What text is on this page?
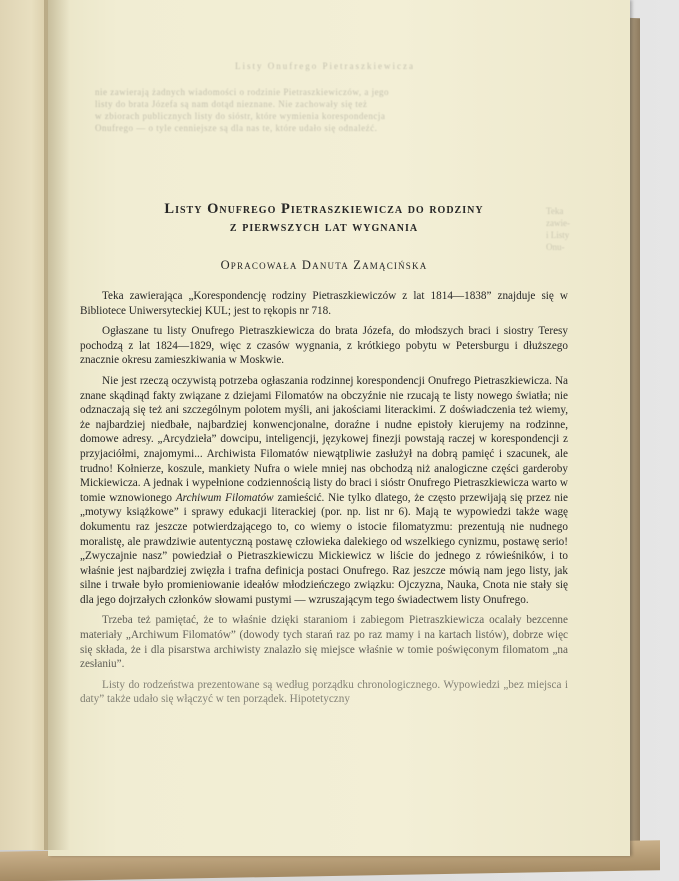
Listy Onufrego Pietraszkiewicza
nie zawierają żadnych wiadomości o rodzinie Pietraszkiewiczów, a jego
listy do brata Józefa są nam dotąd nieznane. Nie zachowały się też
w zbiorach publicznych listy do sióstr, które wymienia korespondencja
Onufrego — o tyle cenniejsze są dla nas te, które udało się odnaleźć.
Teka
zawie-
i Listy
Onu-
Listy Onufrego Pietraszkiewicza do rodziny
z pierwszych lat wygnania
Opracowała Danuta Zamącińska

Teka zawierająca „Korespondencję rodziny Pietraszkiewiczów z lat 1814—1838” znajduje się w Bibliotece Uniwersyteckiej KUL; jest to rękopis nr 718.

Ogłaszane tu listy Onufrego Pietraszkiewicza do brata Józefa, do młodszych braci i siostry Teresy pochodzą z lat 1824—1829, więc z czasów wygnania, z krótkiego pobytu w Petersburgu i dłuższego znacznie okresu zamieszkiwania w Moskwie.

Nie jest rzeczą oczywistą potrzeba ogłaszania rodzinnej korespondencji Onufrego Pietraszkiewicza. Na znane skądinąd fakty związane z dziejami Filomatów na obczyźnie nie rzucają te listy nowego światła; nie odznaczają się też ani szczególnym polotem myśli, ani jakościami literackimi. Z doświadczenia też wiemy, że najbardziej niedbałe, najbardziej konwencjonalne, doraźne i nudne epistoły kierujemy na rodzinne, domowe adresy. „Arcydzieła” dowcipu, inteligencji, językowej finezji powstają raczej w korespondencji z przyjaciółmi, znajomymi... Archiwista Filomatów niewątpliwie zasłużył na dobrą pamięć i szacunek, ale trudno! Kołnierze, koszule, mankiety Nufra o wiele mniej nas obchodzą niż analogiczne części garderoby Mickiewicza. A jednak i wypełnione codziennością listy do braci i sióstr Onufrego Pietraszkiewicza warto w tomie wznowionego Archiwum Filomatów zamieścić. Nie tylko dlatego, że często przewijają się przez nie „motywy książkowe” i sprawy edukacji literackiej (por. np. list nr 6). Mają te wypowiedzi także wagę dokumentu raz jeszcze potwierdzającego to, co wiemy o istocie filomatyzmu: prezentują nie nudnego moralistę, ale prawdziwie autentyczną postawę człowieka dalekiego od wszelkiego cynizmu, postawę serio! „Zwyczajnie nasz” powiedział o Pietraszkiewiczu Mickiewicz w liście do jednego z rówieśników, i to właśnie jest najbardziej zwięzła i trafna definicja postaci Onufrego. Raz jeszcze mówią nam jego listy, jak silne i trwałe było promieniowanie ideałów młodzieńczego związku: Ojczyzna, Nauka, Cnota nie stały się dla jego dojrzałych członków słowami pustymi — wzruszającym tego świadectwem listy Onufrego.

Trzeba też pamiętać, że to właśnie dzięki staraniom i zabiegom Pietraszkiewicza ocalały bezcenne materiały „Archiwum Filomatów” (dowody tych starań raz po raz mamy i na kartach listów), dobrze więc się składa, że i dla pisarstwa archiwisty znalazło się miejsce właśnie w tomie poświęconym filomatom „na zesłaniu”.

Listy do rodzeństwa prezentowane są według porządku chronologicznego. Wypowiedzi „bez miejsca i daty” także udało się włączyć w ten porządek. Hipotetyczny
